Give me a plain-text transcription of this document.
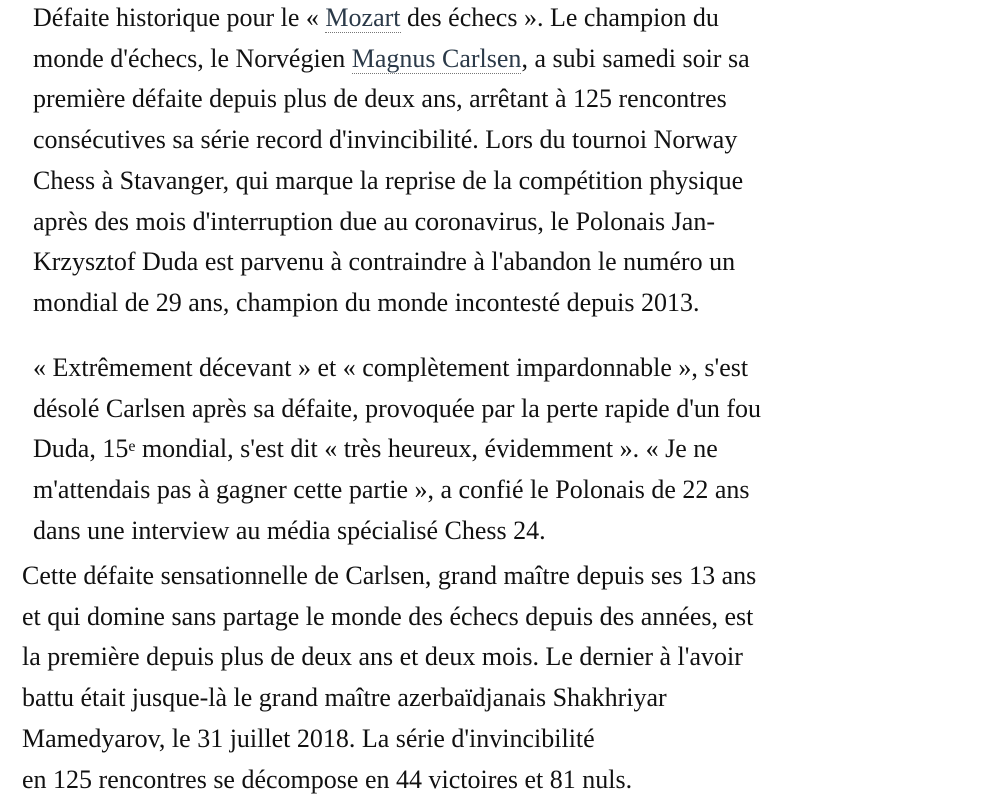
Défaite historique pour le « Mozart des échecs ». Le champion du
monde d'échecs, le Norvégien Magnus Carlsen, a subi samedi soir sa
première défaite depuis plus de deux ans, arrêtant à 125 rencontres
consécutives sa série record d'invincibilité. Lors du tournoi Norway
Chess à Stavanger, qui marque la reprise de la compétition physique
après des mois d'interruption due au coronavirus, le Polonais Jan-
Krzysztof Duda est parvenu à contraindre à l'abandon le numéro un
mondial de 29 ans, champion du monde incontesté depuis 2013.

« Extrêmement décevant » et « complètement impardonnable », s'est
désolé Carlsen après sa défaite, provoquée par la perte rapide d'un fou
Duda, 15e mondial, s'est dit « très heureux, évidemment ». « Je ne
m'attendais pas à gagner cette partie », a confié le Polonais de 22 ans
dans une interview au média spécialisé Chess 24.

Cette défaite sensationnelle de Carlsen, grand maître depuis ses 13 ans
et qui domine sans partage le monde des échecs depuis des années, est
la première depuis plus de deux ans et deux mois. Le dernier à l'avoir
battu était jusque-là le grand maître azerbaïdjanais Shakhriyar
Mamedyarov, le 31 juillet 2018. La série d'invincibilité
en 125 rencontres se décompose en 44 victoires et 81 nuls.
